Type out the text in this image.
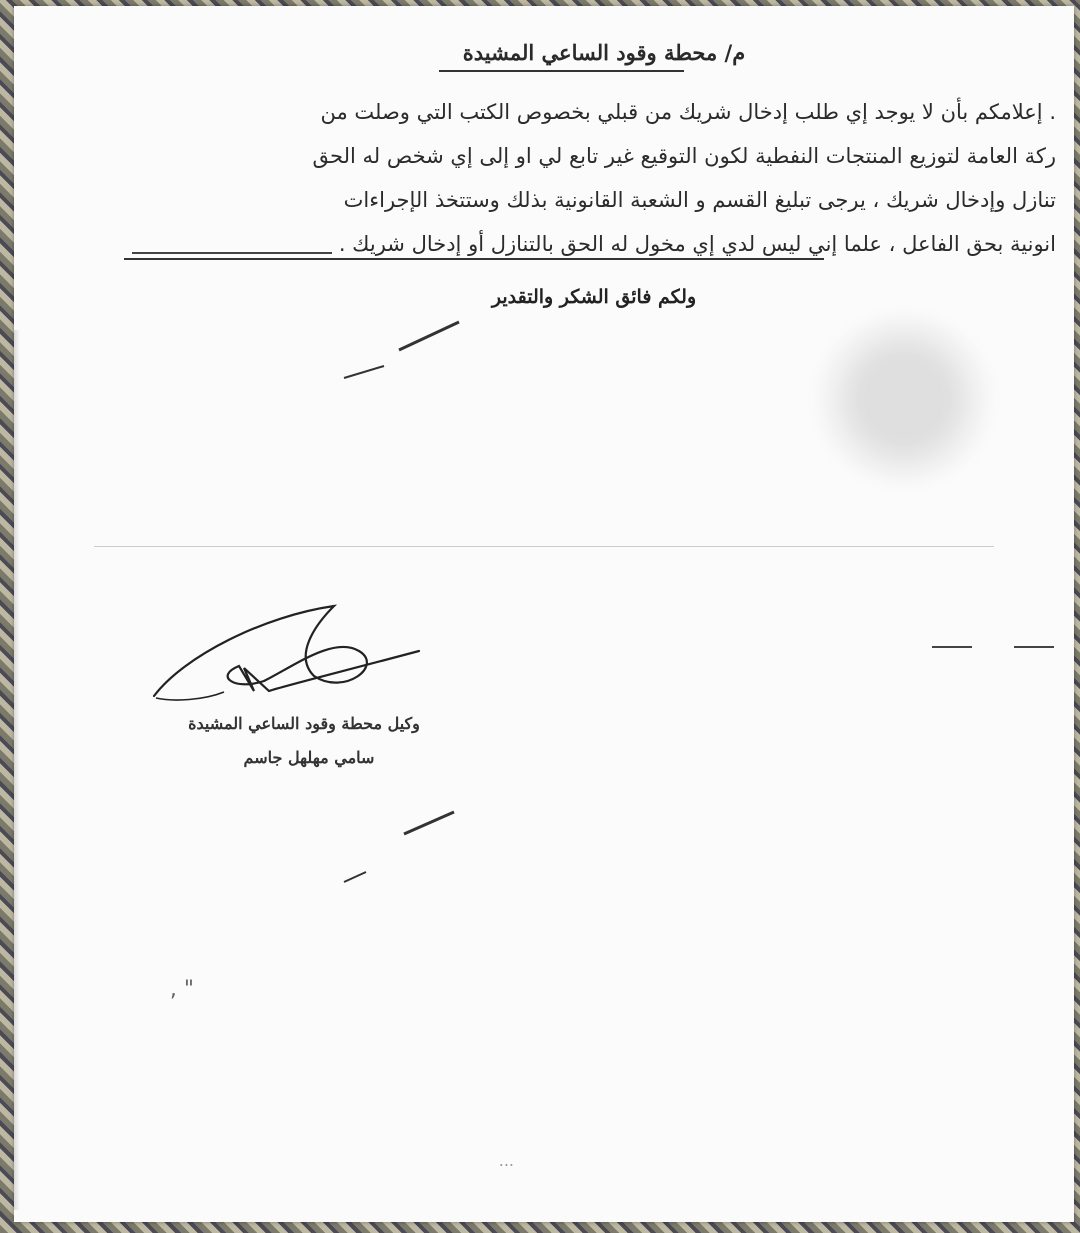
م/ محطة وقود الساعي المشيدة
. إعلامكم بأن لا يوجد إي طلب إدخال شريك من قبلي بخصوص الكتب التي وصلت من
ركة العامة لتوزيع المنتجات النفطية لكون التوقيع غير تابع لي او إلى إي شخص له الحق
تنازل وإدخال شريك ، يرجى تبليغ القسم و الشعبة القانونية بذلك وستتخذ الإجراءات
انونية بحق الفاعل ، علما إني ليس لدي إي مخول له الحق بالتنازل أو إدخال شريك .
ولكم فائق الشكر والتقدير
" ,
...
وكيل محطة وقود الساعي المشيدة
سامي مهلهل جاسم
